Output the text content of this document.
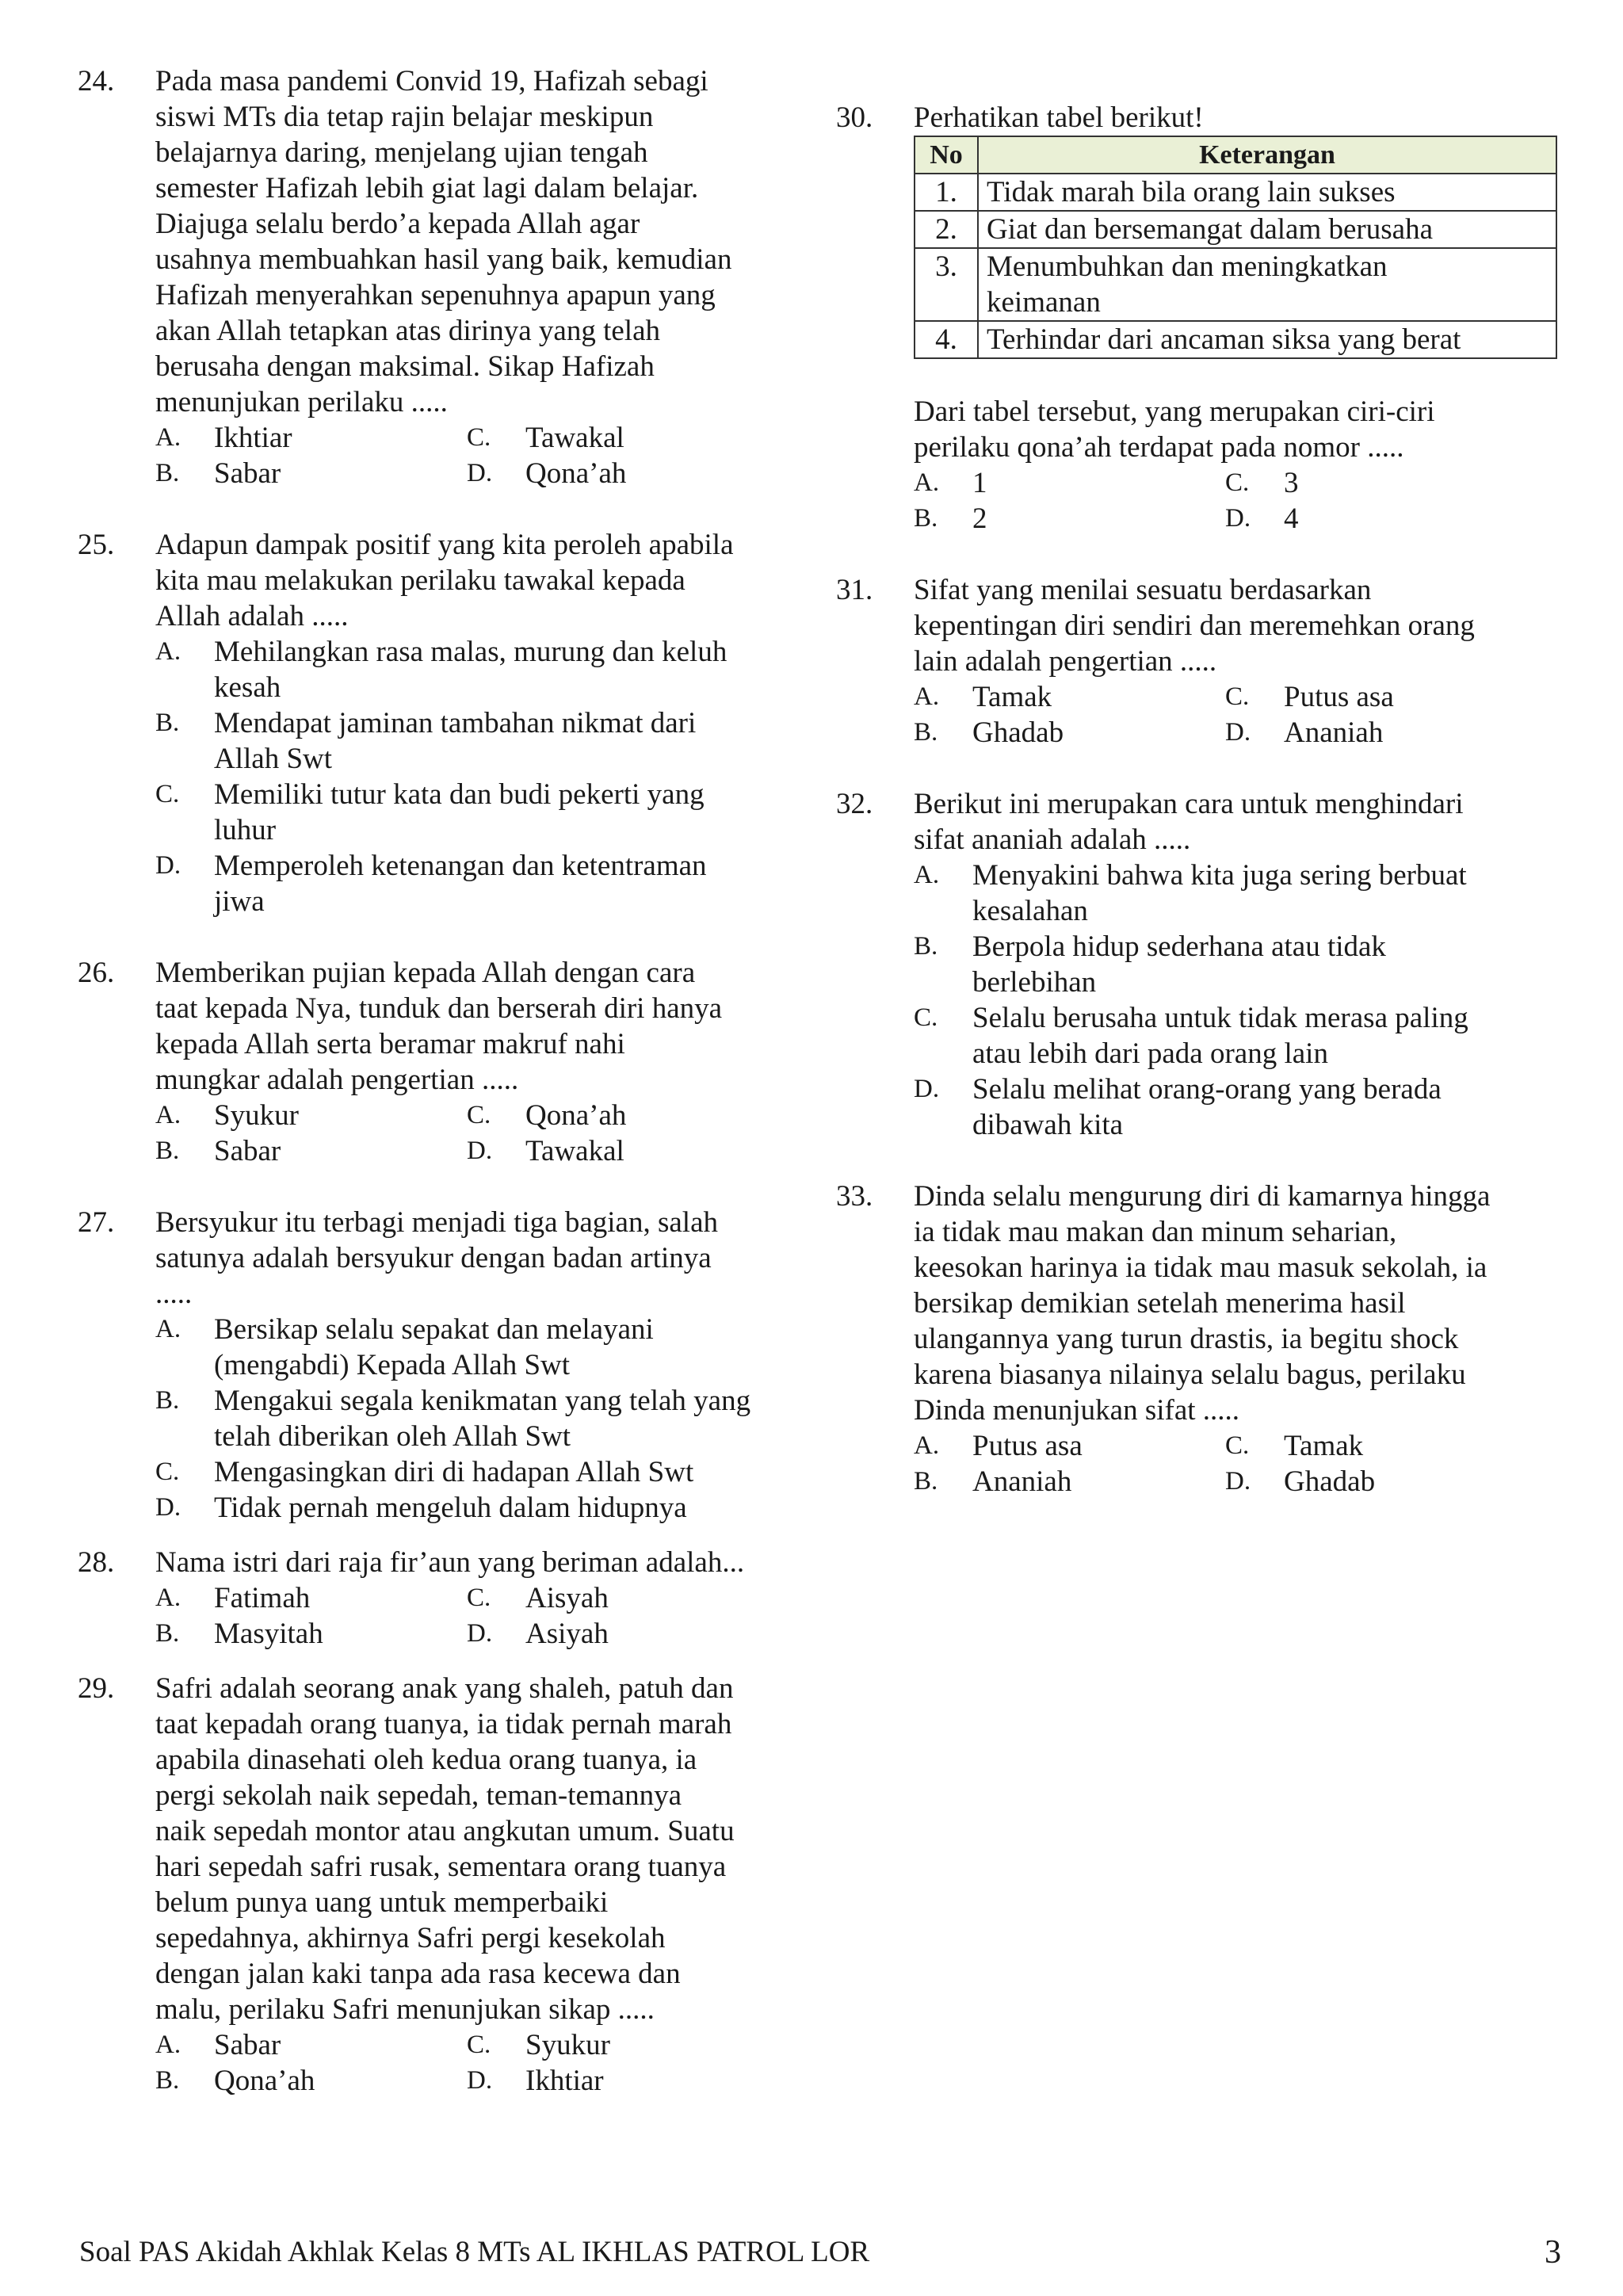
24. Pada masa pandemi Convid 19, Hafizah sebagi
siswi MTs dia tetap rajin belajar meskipun
belajarnya daring, menjelang ujian tengah
semester Hafizah lebih giat lagi dalam belajar.
Diajuga selalu berdo’a kepada Allah agar
usahnya membuahkan hasil yang baik, kemudian
Hafizah menyerahkan sepenuhnya apapun yang
akan Allah tetapkan atas dirinya yang telah
berusaha dengan maksimal. Sikap Hafizah
menunjukan perilaku .....
A. Ikhtiar	C. Tawakal
B. Sabar	D. Qona’ah
25. Adapun dampak positif yang kita peroleh apabila
kita mau melakukan perilaku tawakal kepada
Allah adalah .....
A. Mehilangkan rasa malas, murung dan keluh
kesah
B. Mendapat jaminan tambahan nikmat dari
Allah Swt
C. Memiliki tutur kata dan budi pekerti yang
luhur
D. Memperoleh ketenangan dan ketentraman
jiwa
26. Memberikan pujian kepada Allah dengan cara
taat kepada Nya, tunduk dan berserah diri hanya
kepada Allah serta beramar makruf nahi
mungkar adalah pengertian .....
A. Syukur	C. Qona’ah
B. Sabar	D. Tawakal
27. Bersyukur itu terbagi menjadi tiga bagian, salah
satunya adalah bersyukur dengan badan artinya
.....
A. Bersikap selalu sepakat dan melayani
(mengabdi) Kepada Allah Swt
B. Mengakui segala kenikmatan yang telah yang
telah diberikan oleh Allah Swt
C. Mengasingkan diri di hadapan Allah Swt
D. Tidak pernah mengeluh dalam hidupnya
28. Nama istri dari raja fir’aun yang beriman adalah...
A. Fatimah	C. Aisyah
B. Masyitah	D. Asiyah
29. Safri adalah seorang anak yang shaleh, patuh dan
taat kepadah orang tuanya, ia tidak pernah marah
apabila dinasehati oleh kedua orang tuanya, ia
pergi sekolah naik sepedah, teman-temannya
naik sepedah montor atau angkutan umum. Suatu
hari sepedah safri rusak, sementara orang tuanya
belum punya uang untuk memperbaiki
sepedahnya, akhirnya Safri pergi kesekolah
dengan jalan kaki tanpa ada rasa kecewa dan
malu, perilaku Safri menunjukan sikap .....
A. Sabar	C. Syukur
B. Qona’ah	D. Ikhtiar
30. Perhatikan tabel berikut!
No	Keterangan
1.	Tidak marah bila orang lain sukses
2.	Giat dan bersemangat dalam berusaha
3.	Menumbuhkan dan meningkatkan
keimanan
4.	Terhindar dari ancaman siksa yang berat
Dari tabel tersebut, yang merupakan ciri-ciri
perilaku qona’ah terdapat pada nomor .....
A. 1	C. 3
B. 2	D. 4
31. Sifat yang menilai sesuatu berdasarkan
kepentingan diri sendiri dan meremehkan orang
lain adalah pengertian .....
A. Tamak	C. Putus asa
B. Ghadab	D. Ananiah
32. Berikut ini merupakan cara untuk menghindari
sifat ananiah adalah .....
A. Menyakini bahwa kita juga sering berbuat
kesalahan
B. Berpola hidup sederhana atau tidak
berlebihan
C. Selalu berusaha untuk tidak merasa paling
atau lebih dari pada orang lain
D. Selalu melihat orang-orang yang berada
dibawah kita
33. Dinda selalu mengurung diri di kamarnya hingga
ia tidak mau makan dan minum seharian,
keesokan harinya ia tidak mau masuk sekolah, ia
bersikap demikian setelah menerima hasil
ulangannya yang turun drastis, ia begitu shock
karena biasanya nilainya selalu bagus, perilaku
Dinda menunjukan sifat .....
A. Putus asa	C. Tamak
B. Ananiah	D. Ghadab
Soal PAS Akidah Akhlak Kelas 8 MTs AL IKHLAS PATROL LOR	3
